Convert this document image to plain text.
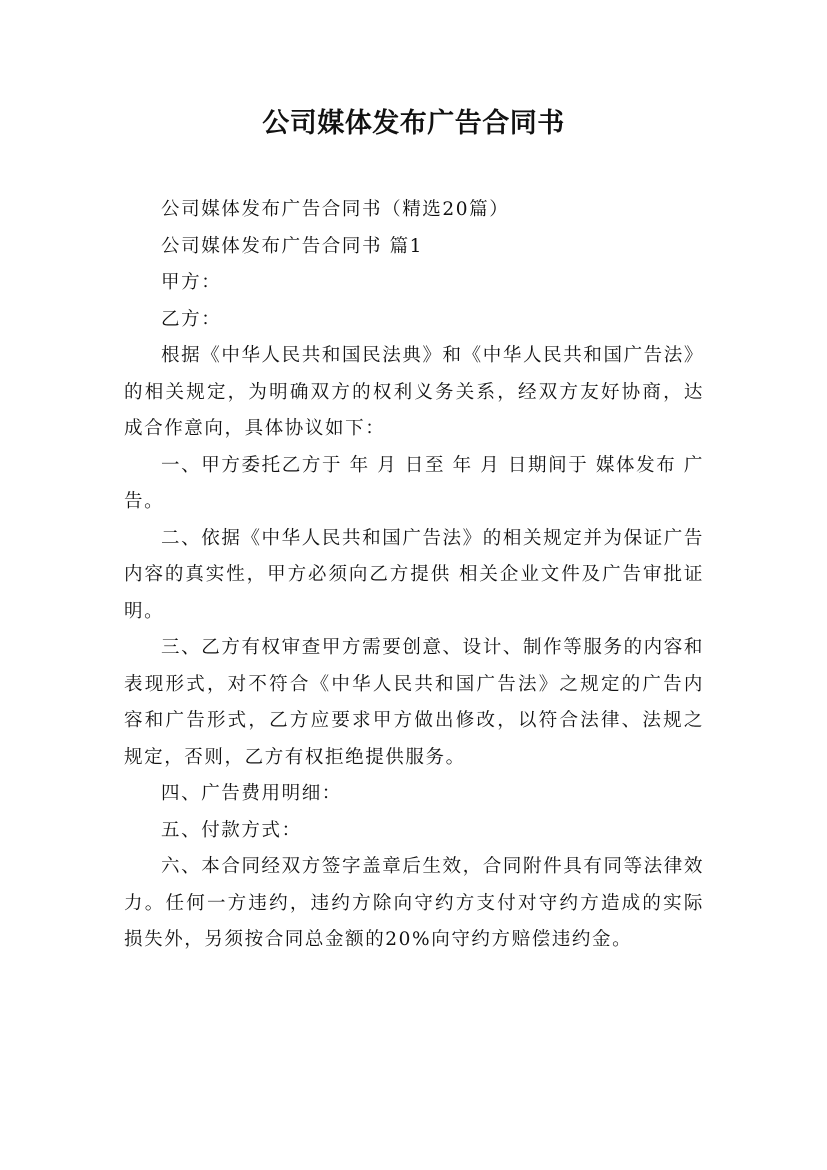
公司媒体发布广告合同书

公司媒体发布广告合同书（精选20篇）

公司媒体发布广告合同书 篇1

甲方：

乙方：

根据《中华人民共和国民法典》和《中华人民共和国广告法》的相关规定，为明确双方的权利义务关系，经双方友好协商，达成合作意向，具体协议如下：

一、甲方委托乙方于 年 月 日至 年 月 日期间于 媒体发布 广告。

二、依据《中华人民共和国广告法》的相关规定并为保证广告内容的真实性，甲方必须向乙方提供 相关企业文件及广告审批证明。

三、乙方有权审查甲方需要创意、设计、制作等服务的内容和表现形式，对不符合《中华人民共和国广告法》之规定的广告内容和广告形式，乙方应要求甲方做出修改，以符合法律、法规之规定，否则，乙方有权拒绝提供服务。

四、广告费用明细：

五、付款方式：

六、本合同经双方签字盖章后生效，合同附件具有同等法律效力。任何一方违约，违约方除向守约方支付对守约方造成的实际损失外，另须按合同总金额的20%向守约方赔偿违约金。
